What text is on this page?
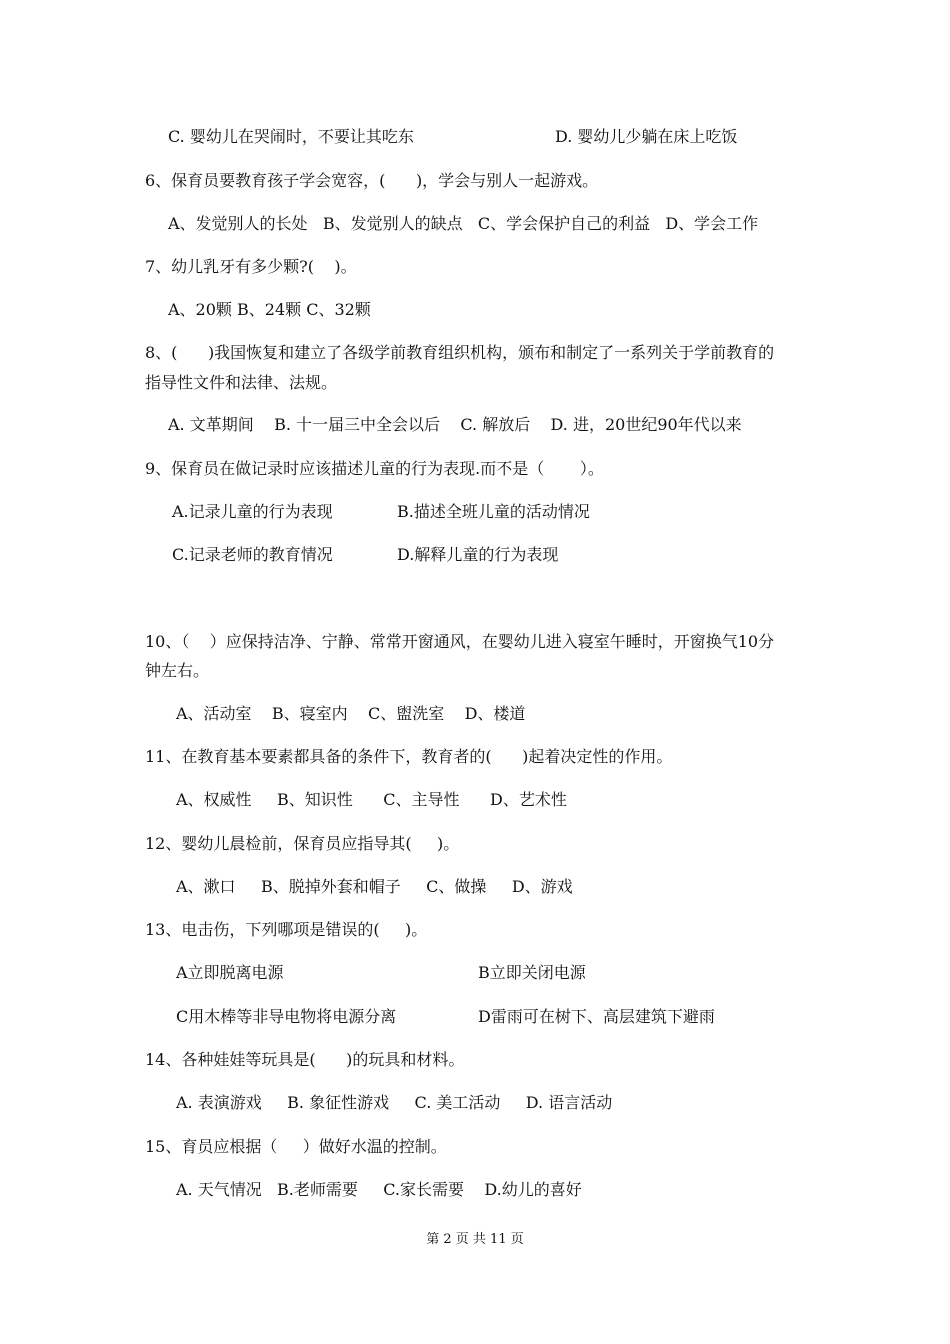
C. 婴幼儿在哭闹时，不要让其吃东	D. 婴幼儿少躺在床上吃饭
6、保育员要教育孩子学会宽容，(      )，学会与别人一起游戏。
A、发觉别人的长处   B、发觉别人的缺点   C、学会保护自己的利益   D、学会工作
7、幼儿乳牙有多少颗?(    )。
A、20颗 B、24颗 C、32颗
8、(      )我国恢复和建立了各级学前教育组织机构，颁布和制定了一系列关于学前教育的
指导性文件和法律、法规。
A. 文革期间    B. 十一届三中全会以后    C. 解放后    D. 进，20世纪90年代以来
9、保育员在做记录时应该描述儿童的行为表现.而不是（       ）。
A.记录儿童的行为表现	B.描述全班儿童的活动情况
C.记录老师的教育情况	D.解释儿童的行为表现
10、（    ）应保持洁净、宁静、常常开窗通风，在婴幼儿进入寝室午睡时，开窗换气10分
钟左右。
A、活动室    B、寝室内    C、盥洗室    D、楼道
11、在教育基本要素都具备的条件下，教育者的(      )起着决定性的作用。
A、权威性     B、知识性      C、主导性      D、艺术性
12、婴幼儿晨检前，保育员应指导其(     )。
A、漱口     B、脱掉外套和帽子     C、做操     D、游戏
13、电击伤，下列哪项是错误的(     )。
A立即脱离电源	B立即关闭电源
C用木棒等非导电物将电源分离	D雷雨可在树下、高层建筑下避雨
14、各种娃娃等玩具是(      )的玩具和材料。
A. 表演游戏     B. 象征性游戏     C. 美工活动     D. 语言活动
15、育员应根据（     ）做好水温的控制。
A. 天气情况   B.老师需要     C.家长需要    D.幼儿的喜好
第 2 页 共 11 页
